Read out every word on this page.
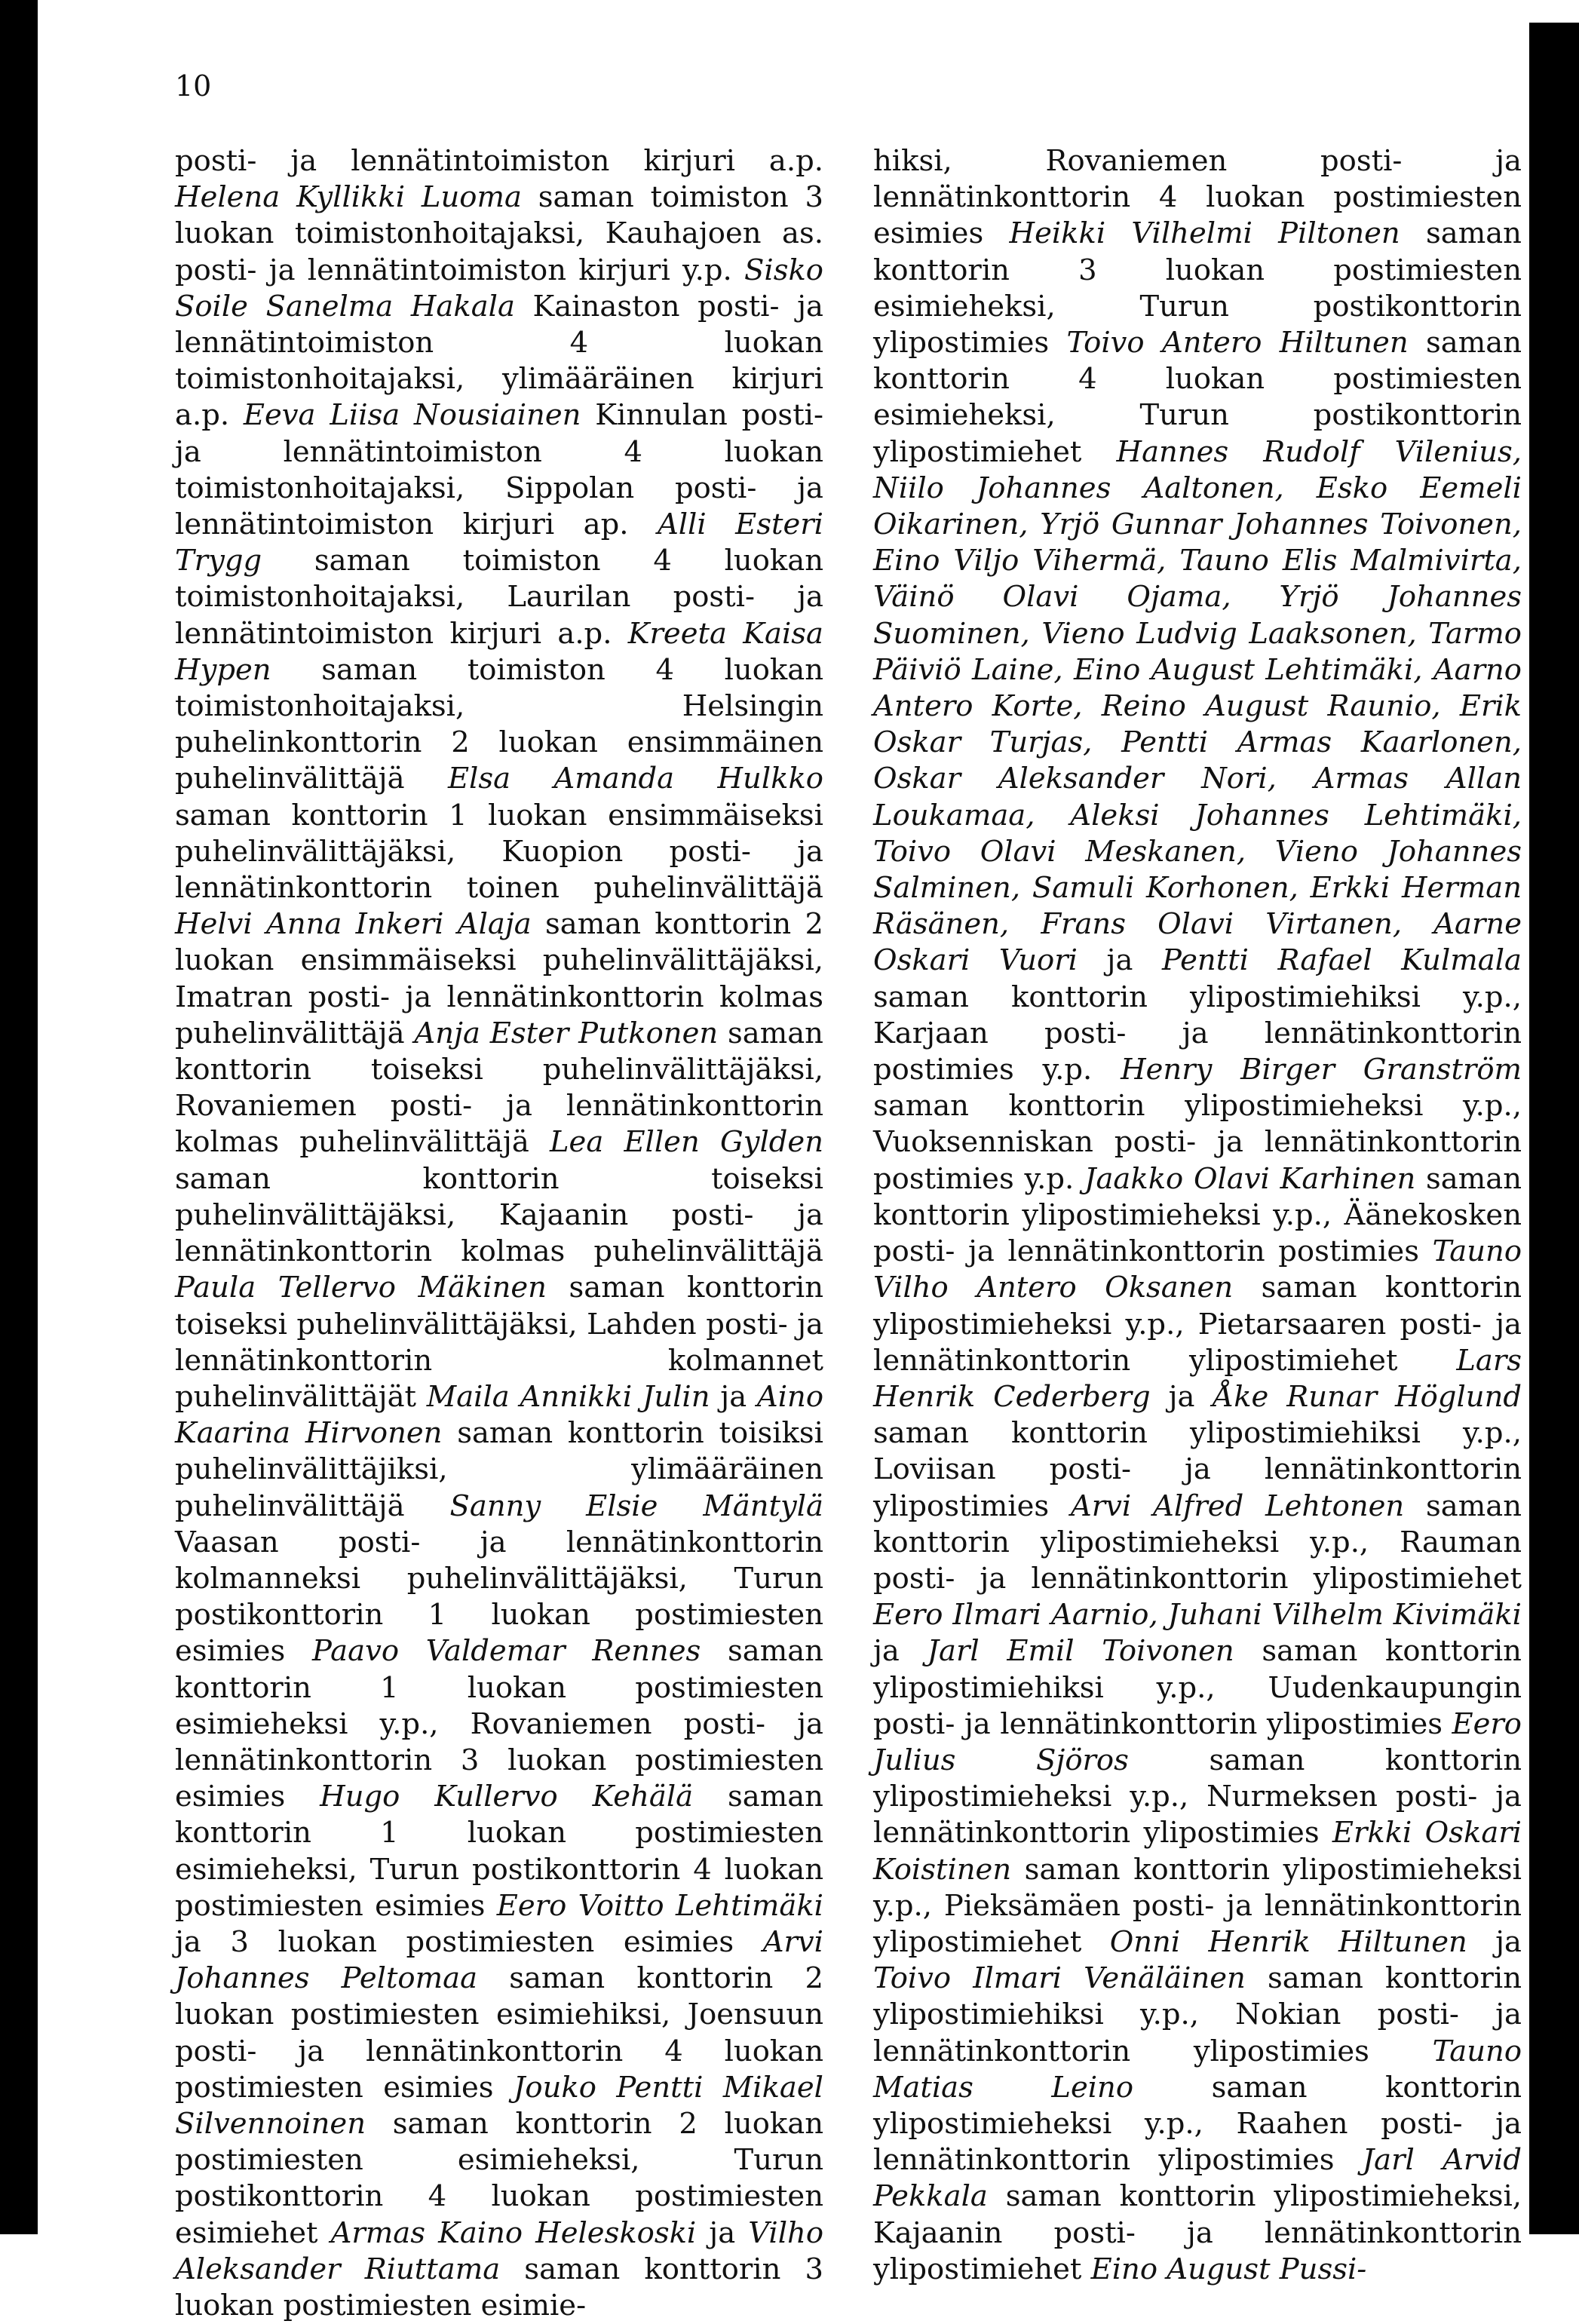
10

posti- ja lennätintoimiston kirjuri a.p. Helena Kyllikki Luoma saman toimiston 3 luokan toimistonhoitajaksi, Kauhajoen as. posti- ja lennätintoimiston kirjuri y.p. Sisko Soile Sanelma Hakala Kainaston posti- ja lennätintoimiston 4 luokan toimistonhoitajaksi, ylimääräinen kirjuri a.p. Eeva Liisa Nousiainen Kinnulan posti- ja lennätintoimiston 4 luokan toimistonhoitajaksi, Sippolan posti- ja lennätintoimiston kirjuri ap. Alli Esteri Trygg saman toimiston 4 luokan toimistonhoitajaksi, Laurilan posti- ja lennätintoimiston kirjuri a.p. Kreeta Kaisa Hypen saman toimiston 4 luokan toimistonhoitajaksi, Helsingin puhelinkonttorin 2 luokan ensimmäinen puhelinvälittäjä Elsa Amanda Hulkko saman konttorin 1 luokan ensimmäiseksi puhelinvälittäjäksi, Kuopion posti- ja lennätinkonttorin toinen puhelinvälittäjä Helvi Anna Inkeri Alaja saman konttorin 2 luokan ensimmäiseksi puhelinvälittäjäksi, Imatran posti- ja lennätinkonttorin kolmas puhelinvälittäjä Anja Ester Putkonen saman konttorin toiseksi puhelinvälittäjäksi, Rovaniemen posti- ja lennätinkonttorin kolmas puhelinvälittäjä Lea Ellen Gylden saman konttorin toiseksi puhelinvälittäjäksi, Kajaanin posti- ja lennätinkonttorin kolmas puhelinvälittäjä Paula Tellervo Mäkinen saman konttorin toiseksi puhelinvälittäjäksi, Lahden posti- ja lennätinkonttorin kolmannet puhelinvälittäjät Maila Annikki Julin ja Aino Kaarina Hirvonen saman konttorin toisiksi puhelinvälittäjiksi, ylimääräinen puhelinvälittäjä Sanny Elsie Mäntylä Vaasan posti- ja lennätinkonttorin kolmanneksi puhelinvälittäjäksi, Turun postikonttorin 1 luokan postimiesten esimies Paavo Valdemar Rennes saman konttorin 1 luokan postimiesten esimieheksi y.p., Rovaniemen posti- ja lennätinkonttorin 3 luokan postimiesten esimies Hugo Kullervo Kehälä saman konttorin 1 luokan postimiesten esimieheksi, Turun postikonttorin 4 luokan postimiesten esimies Eero Voitto Lehtimäki ja 3 luokan postimiesten esimies Arvi Johannes Peltomaa saman konttorin 2 luokan postimiesten esimiehiksi, Joensuun posti- ja lennätinkonttorin 4 luokan postimiesten esimies Jouko Pentti Mikael Silvennoinen saman konttorin 2 luokan postimiesten esimieheksi, Turun postikonttorin 4 luokan postimiesten esimiehet Armas Kaino Heleskoski ja Vilho Aleksander Riuttama saman konttorin 3 luokan postimiesten esimie-

hiksi, Rovaniemen posti- ja lennätinkonttorin 4 luokan postimiesten esimies Heikki Vilhelmi Piltonen saman konttorin 3 luokan postimiesten esimieheksi, Turun postikonttorin ylipostimies Toivo Antero Hiltunen saman konttorin 4 luokan postimiesten esimieheksi, Turun postikonttorin ylipostimiehet Hannes Rudolf Vilenius, Niilo Johannes Aaltonen, Esko Eemeli Oikarinen, Yrjö Gunnar Johannes Toivonen, Eino Viljo Vihermä, Tauno Elis Malmivirta, Väinö Olavi Ojama, Yrjö Johannes Suominen, Vieno Ludvig Laaksonen, Tarmo Päiviö Laine, Eino August Lehtimäki, Aarno Antero Korte, Reino August Raunio, Erik Oskar Turjas, Pentti Armas Kaarlonen, Oskar Aleksander Nori, Armas Allan Loukamaa, Aleksi Johannes Lehtimäki, Toivo Olavi Meskanen, Vieno Johannes Salminen, Samuli Korhonen, Erkki Herman Räsänen, Frans Olavi Virtanen, Aarne Oskari Vuori ja Pentti Rafael Kulmala saman konttorin ylipostimiehiksi y.p., Karjaan posti- ja lennätinkonttorin postimies y.p. Henry Birger Granström saman konttorin ylipostimieheksi y.p., Vuoksenniskan posti- ja lennätinkonttorin postimies y.p. Jaakko Olavi Karhinen saman konttorin ylipostimieheksi y.p., Äänekosken posti- ja lennätinkonttorin postimies Tauno Vilho Antero Oksanen saman konttorin ylipostimieheksi y.p., Pietarsaaren posti- ja lennätinkonttorin ylipostimiehet Lars Henrik Cederberg ja Åke Runar Höglund saman konttorin ylipostimiehiksi y.p., Loviisan posti- ja lennätinkonttorin ylipostimies Arvi Alfred Lehtonen saman konttorin ylipostimieheksi y.p., Rauman posti- ja lennätinkonttorin ylipostimiehet Eero Ilmari Aarnio, Juhani Vilhelm Kivimäki ja Jarl Emil Toivonen saman konttorin ylipostimiehiksi y.p., Uudenkaupungin posti- ja lennätinkonttorin ylipostimies Eero Julius Sjöros saman konttorin ylipostimieheksi y.p., Nurmeksen posti- ja lennätinkonttorin ylipostimies Erkki Oskari Koistinen saman konttorin ylipostimieheksi y.p., Pieksämäen posti- ja lennätinkonttorin ylipostimiehet Onni Henrik Hiltunen ja Toivo Ilmari Venäläinen saman konttorin ylipostimiehiksi y.p., Nokian posti- ja lennätinkonttorin ylipostimies Tauno Matias Leino saman konttorin ylipostimieheksi y.p., Raahen posti- ja lennätinkonttorin ylipostimies Jarl Arvid Pekkala saman konttorin ylipostimieheksi, Kajaanin posti- ja lennätinkonttorin ylipostimiehet Eino August Pussi-
